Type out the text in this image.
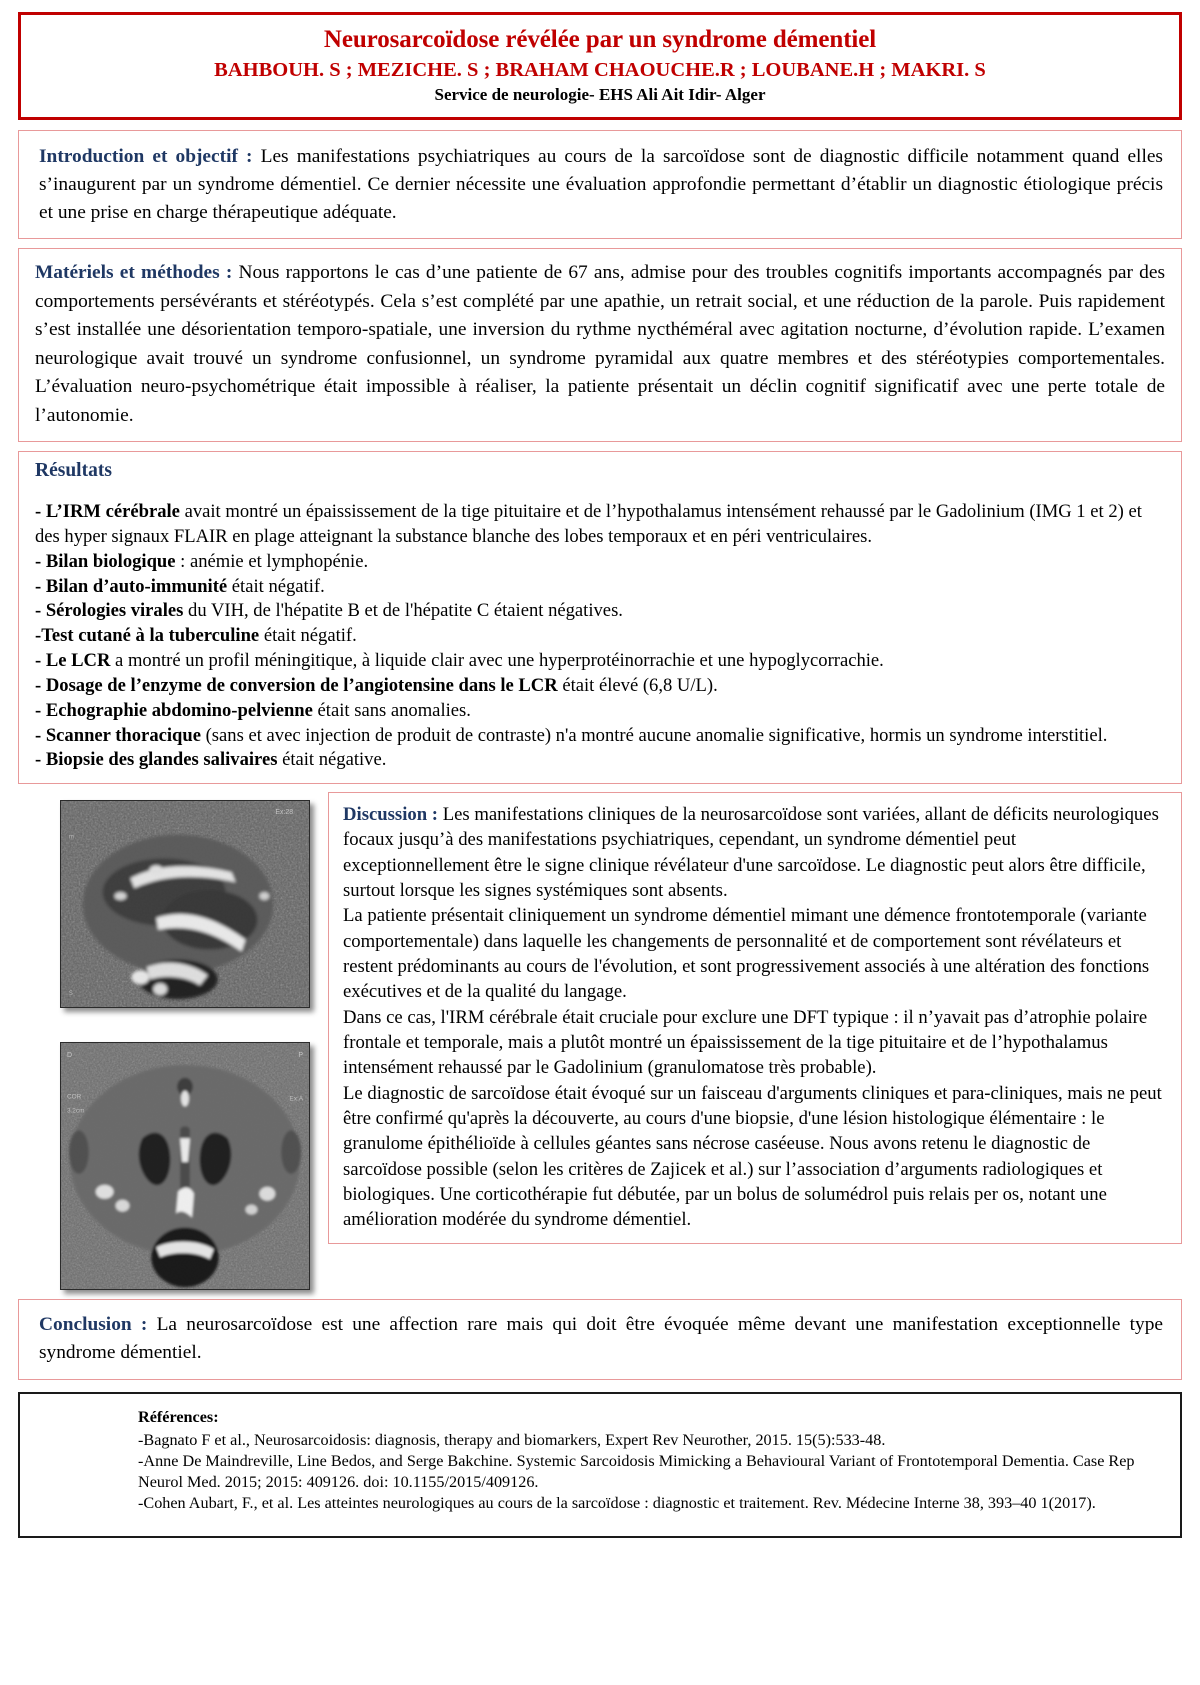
Neurosarcoïdose révélée par un syndrome démentiel
BAHBOUH. S ; MEZICHE. S ; BRAHAM CHAOUCHE.R ; LOUBANE.H ; MAKRI. S
Service de neurologie- EHS Ali Ait Idir- Alger
Introduction et objectif : Les manifestations psychiatriques au cours de la sarcoïdose sont de diagnostic difficile notamment quand elles s’inaugurent par un syndrome démentiel. Ce dernier nécessite une évaluation approfondie permettant d’établir un diagnostic étiologique précis et une prise en charge thérapeutique adéquate.
Matériels et méthodes : Nous rapportons le cas d’une patiente de 67 ans, admise pour des troubles cognitifs importants accompagnés par des comportements persévérants et stéréotypés. Cela s’est complété par une apathie, un retrait social, et une réduction de la parole. Puis rapidement s’est installée une désorientation temporo-spatiale, une inversion du rythme nycthéméral avec agitation nocturne, d’évolution rapide. L’examen neurologique avait trouvé un syndrome confusionnel, un syndrome pyramidal aux quatre membres et des stéréotypies comportementales. L’évaluation neuro-psychométrique était impossible à réaliser, la patiente présentait un déclin cognitif significatif avec une perte totale de l’autonomie.
Résultats

- L’IRM cérébrale avait montré un épaississement de la tige pituitaire et de l’hypothalamus intensément rehaussé par le Gadolinium (IMG 1 et 2) et des hyper signaux FLAIR en plage atteignant la substance blanche des lobes temporaux et en péri ventriculaires.

- Bilan biologique : anémie et lymphopénie.

- Bilan d’auto-immunité était négatif.

- Sérologies virales du VIH, de l'hépatite B et de l'hépatite C étaient négatives.

-Test cutané à la tuberculine était négatif.

- Le LCR a montré un profil méningitique, à liquide clair avec une hyperprotéinorrachie et une hypoglycorrachie.

- Dosage de l’enzyme de conversion de l’angiotensine dans le LCR était élevé (6,8 U/L).

- Echographie abdomino-pelvienne était sans anomalies.

- Scanner thoracique (sans et avec injection de produit de contraste) n'a montré aucune anomalie significative, hormis un syndrome interstitiel.

- Biopsie des glandes salivaires était négative.

Ex:28
m
S
D	P
COR
3.2cm
Ex:A

Discussion : Les manifestations cliniques de la neurosarcoïdose sont variées, allant de déficits neurologiques focaux jusqu’à des manifestations psychiatriques, cependant, un syndrome démentiel peut exceptionnellement être le signe clinique révélateur d'une sarcoïdose. Le diagnostic peut alors être difficile, surtout lorsque les signes systémiques sont absents.

La patiente présentait cliniquement un syndrome démentiel mimant une démence frontotemporale (variante comportementale) dans laquelle les changements de personnalité et de comportement sont révélateurs et restent prédominants au cours de l'évolution, et sont progressivement associés à une altération des fonctions exécutives et de la qualité du langage.

Dans ce cas, l'IRM cérébrale était cruciale pour exclure une DFT typique : il n’yavait pas d’atrophie polaire frontale et temporale, mais a plutôt montré un épaississement de la tige pituitaire et de l’hypothalamus intensément rehaussé par le Gadolinium (granulomatose très probable).

Le diagnostic de sarcoïdose était évoqué sur un faisceau d'arguments cliniques et para-cliniques, mais ne peut être confirmé qu'après la découverte, au cours d'une biopsie, d'une lésion histologique élémentaire : le granulome épithélioïde à cellules géantes sans nécrose caséeuse. Nous avons retenu le diagnostic de sarcoïdose possible (selon les critères de Zajicek et al.) sur l’association d’arguments radiologiques et biologiques. Une corticothérapie fut débutée, par un bolus de solumédrol puis relais per os, notant une amélioration modérée du syndrome démentiel.

Conclusion : La neurosarcoïdose est une affection rare mais qui doit être évoquée même devant une manifestation exceptionnelle type syndrome démentiel.
Références:

-Bagnato F et al., Neurosarcoidosis: diagnosis, therapy and biomarkers, Expert Rev Neurother, 2015. 15(5):533-48.

-Anne De Maindreville, Line Bedos, and Serge Bakchine. Systemic Sarcoidosis Mimicking a Behavioural Variant of Frontotemporal Dementia. Case Rep Neurol Med. 2015; 2015: 409126. doi: 10.1155/2015/409126.

-Cohen Aubart, F., et al. Les atteintes neurologiques au cours de la sarcoïdose : diagnostic et traitement. Rev. Médecine Interne 38, 393–40 1(2017).
